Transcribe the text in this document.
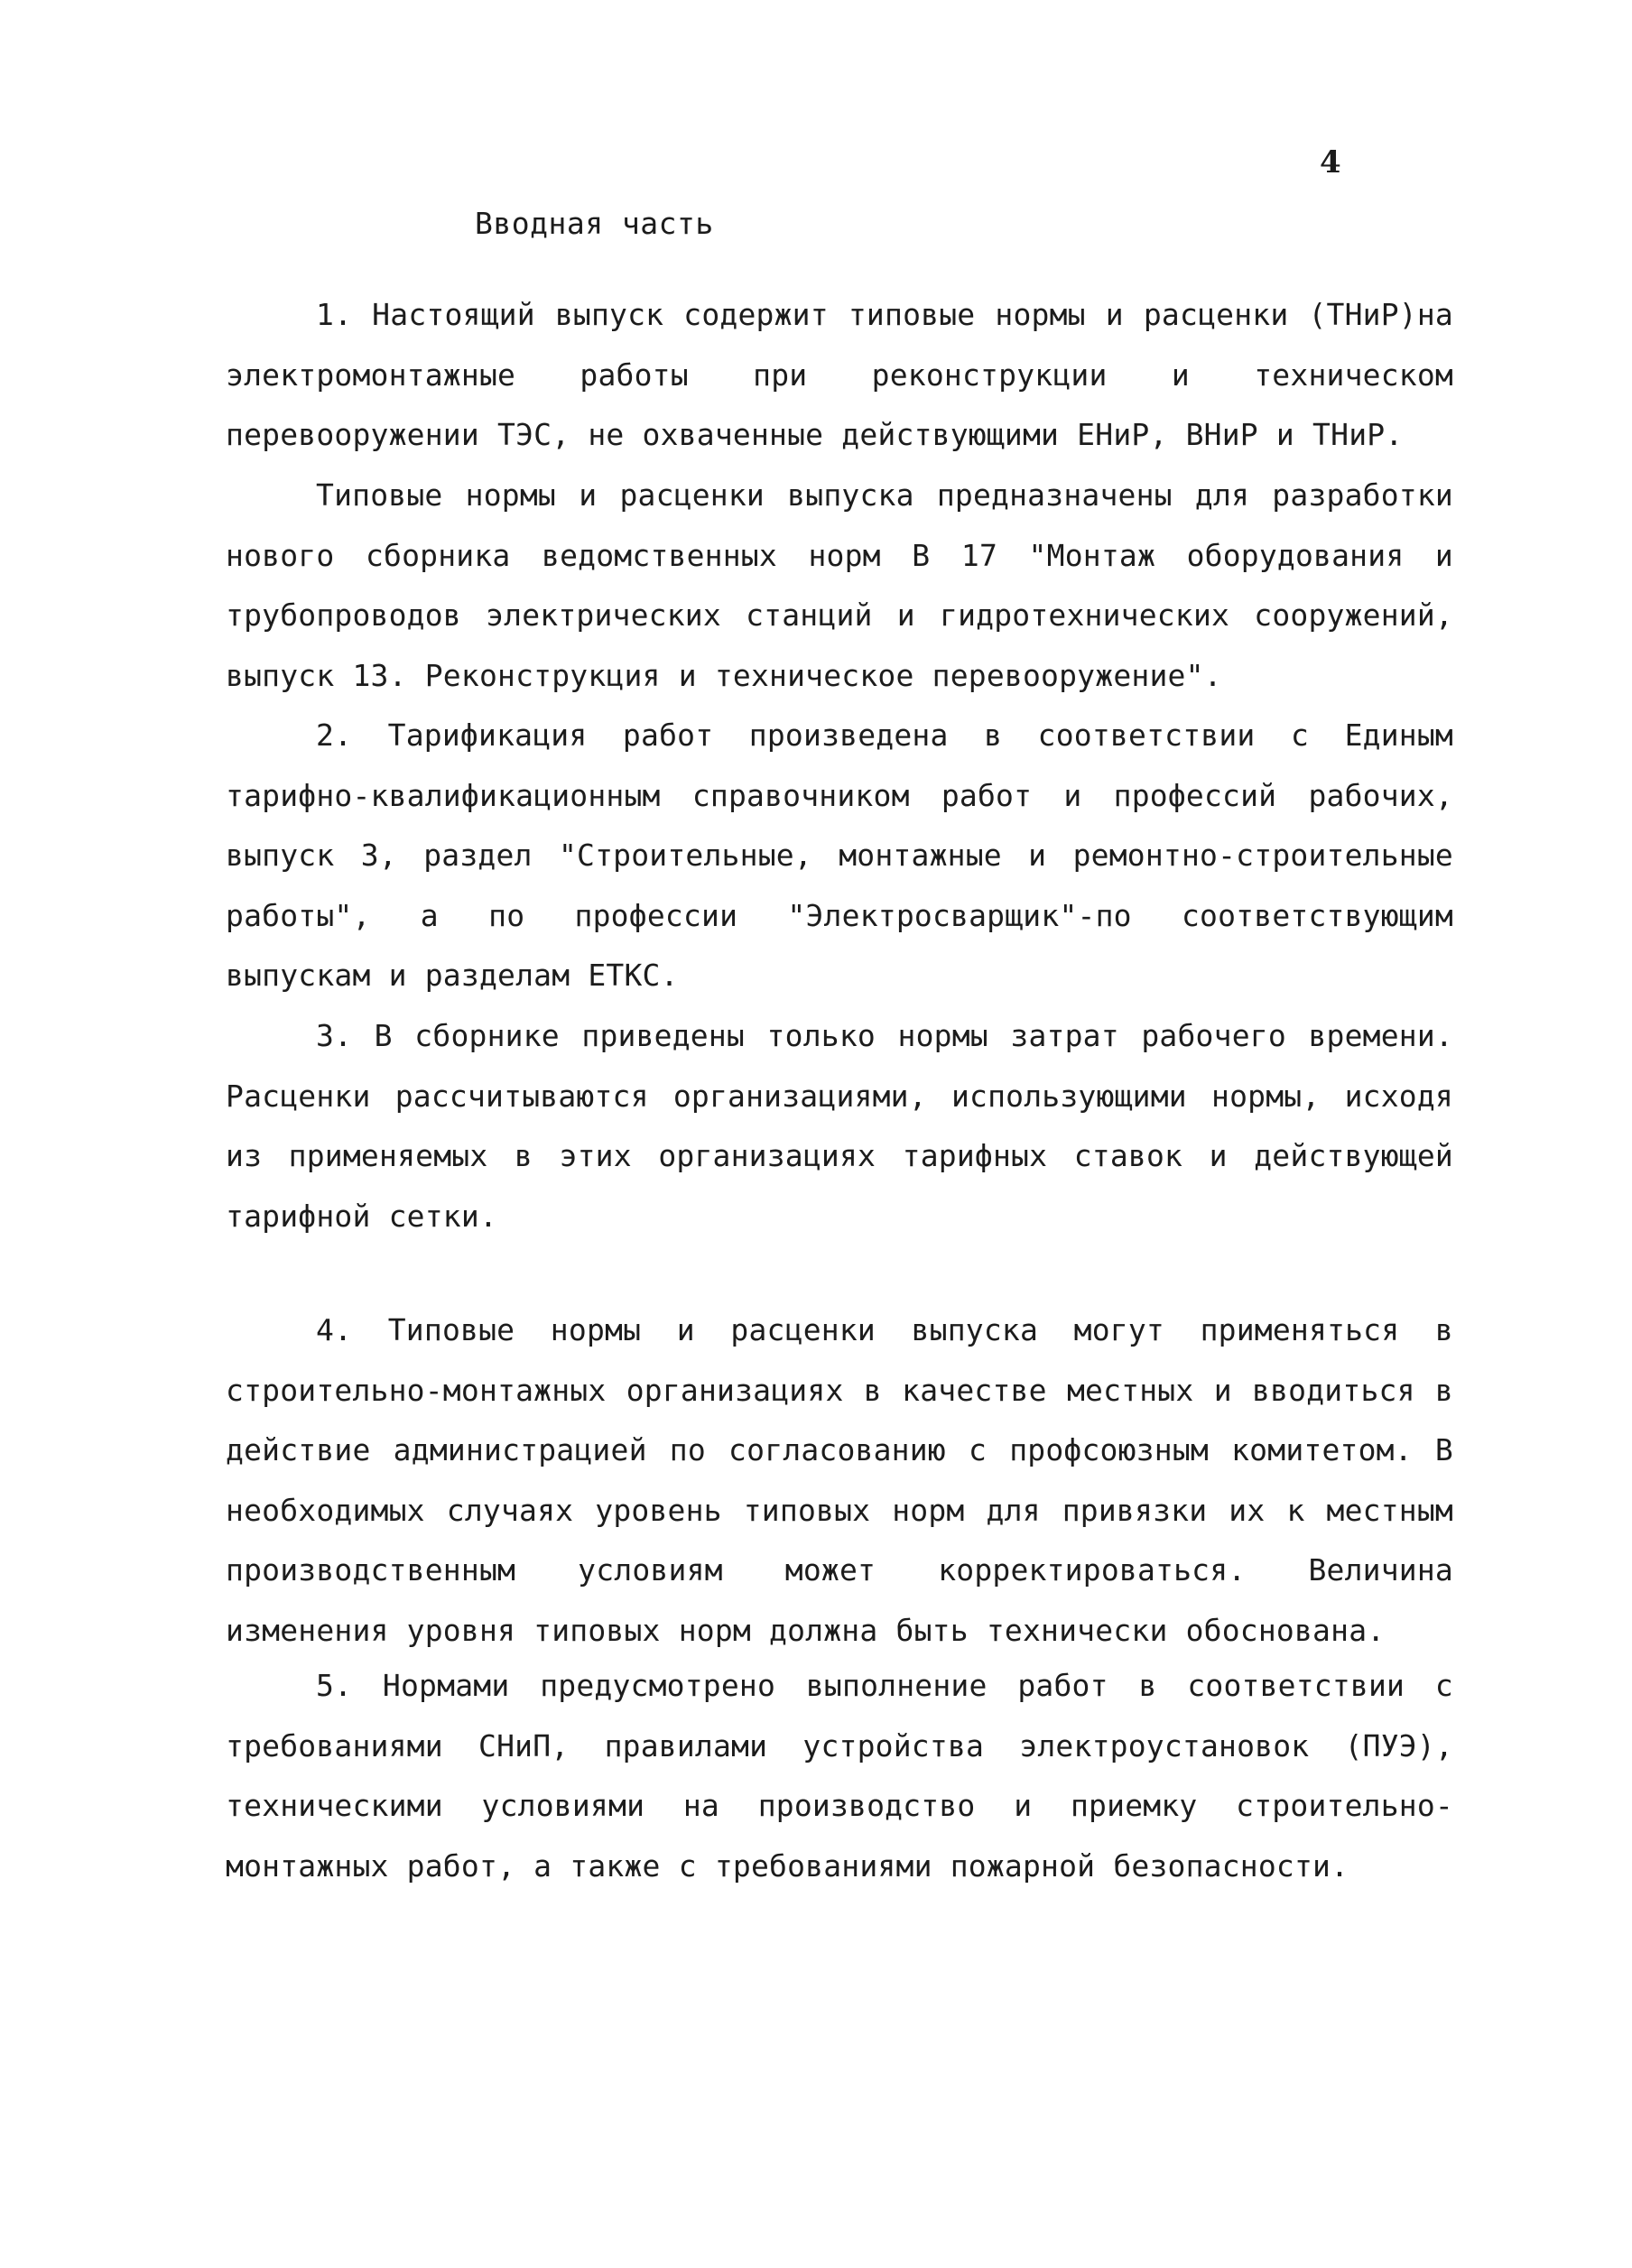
4
Вводная часть

1. Настоящий выпуск содержит типовые нормы и расценки (ТНиР)на электромонтажные работы при реконструкции и техническом перевооружении ТЭС, не охваченные действующими ЕНиР, ВНиР и ТНиР.

Типовые нормы и расценки выпуска предназначены для разработки нового сборника ведомственных норм В 17 "Монтаж оборудования и трубопроводов электрических станций и гидротехнических сооружений, выпуск 13. Реконструкция и техническое перевооружение".

2. Тарификация работ произведена в соответствии с Единым тарифно-квалификационным справочником работ и профессий рабочих, выпуск 3, раздел "Строительные, монтажные и ремонтно-строительные работы", а по профессии "Электросварщик"-по соответствующим выпускам и разделам ЕТКС.

3. В сборнике приведены только нормы затрат рабочего времени. Расценки рассчитываются организациями, использующими нормы, исходя из применяемых в этих организациях тарифных ставок и действующей тарифной сетки.

4. Типовые нормы и расценки выпуска могут применяться в строительно-монтажных организациях в качестве местных и вводиться в действие администрацией по согласованию с профсоюзным комитетом. В необходимых случаях уровень типовых норм для привязки их к местным производственным условиям может корректироваться. Величина изменения уровня типовых норм должна быть технически обоснована.

5. Нормами предусмотрено выполнение работ в соответствии с требованиями СНиП, правилами устройства электроустановок (ПУЭ), техническими условиями на производство и приемку строительно-монтажных работ, а также с требованиями пожарной безопасности.
